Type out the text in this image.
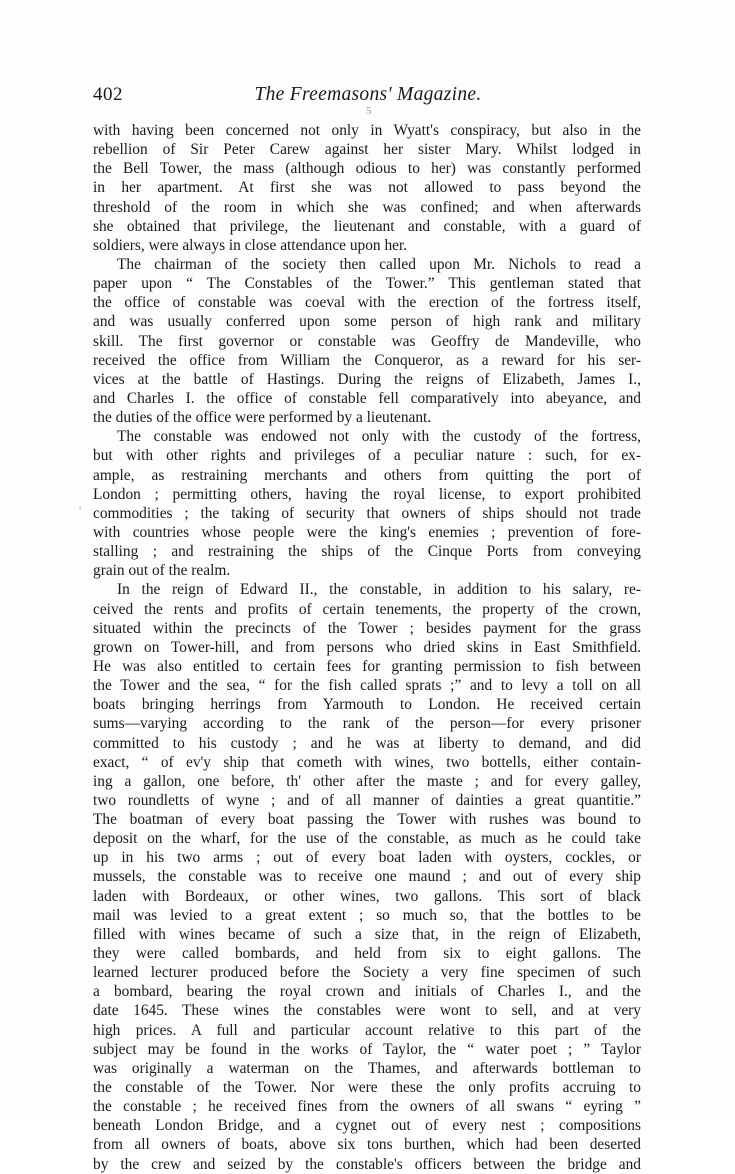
402	The Freemasons' Magazine.
5
'
with having been concerned not only in Wyatt's conspiracy, but also in the
rebellion of Sir Peter Carew against her sister Mary. Whilst lodged in
the Bell Tower, the mass (although odious to her) was constantly performed
in her apartment. At first she was not allowed to pass beyond the
threshold of the room in which she was confined; and when afterwards
she obtained that privilege, the lieutenant and constable, with a guard of
soldiers, were always in close attendance upon her.
The chairman of the society then called upon Mr. Nichols to read a
paper upon “ The Constables of the Tower.” This gentleman stated that
the office of constable was coeval with the erection of the fortress itself,
and was usually conferred upon some person of high rank and military
skill. The first governor or constable was Geoffry de Mandeville, who
received the office from William the Conqueror, as a reward for his ser-
vices at the battle of Hastings. During the reigns of Elizabeth, James I.,
and Charles I. the office of constable fell comparatively into abeyance, and
the duties of the office were performed by a lieutenant.
The constable was endowed not only with the custody of the fortress,
but with other rights and privileges of a peculiar nature : such, for ex-
ample, as restraining merchants and others from quitting the port of
London ; permitting others, having the royal license, to export prohibited
commodities ; the taking of security that owners of ships should not trade
with countries whose people were the king's enemies ; prevention of fore-
stalling ; and restraining the ships of the Cinque Ports from conveying
grain out of the realm.
In the reign of Edward II., the constable, in addition to his salary, re-
ceived the rents and profits of certain tenements, the property of the crown,
situated within the precincts of the Tower ; besides payment for the grass
grown on Tower-hill, and from persons who dried skins in East Smithfield.
He was also entitled to certain fees for granting permission to fish between
the Tower and the sea, “ for the fish called sprats ;” and to levy a toll on all
boats bringing herrings from Yarmouth to London. He received certain
sums—varying according to the rank of the person—for every prisoner
committed to his custody ; and he was at liberty to demand, and did
exact, “ of ev'y ship that cometh with wines, two bottells, either contain-
ing a gallon, one before, th' other after the maste ; and for every galley,
two roundletts of wyne ; and of all manner of dainties a great quantitie.”
The boatman of every boat passing the Tower with rushes was bound to
deposit on the wharf, for the use of the constable, as much as he could take
up in his two arms ; out of every boat laden with oysters, cockles, or
mussels, the constable was to receive one maund ; and out of every ship
laden with Bordeaux, or other wines, two gallons. This sort of black
mail was levied to a great extent ; so much so, that the bottles to be
filled with wines became of such a size that, in the reign of Elizabeth,
they were called bombards, and held from six to eight gallons. The
learned lecturer produced before the Society a very fine specimen of such
a bombard, bearing the royal crown and initials of Charles I., and the
date 1645. These wines the constables were wont to sell, and at very
high prices. A full and particular account relative to this part of the
subject may be found in the works of Taylor, the “ water poet ; ” Taylor
was originally a waterman on the Thames, and afterwards bottleman to
the constable of the Tower. Nor were these the only profits accruing to
the constable ; he received fines from the owners of all swans “ eyring ”
beneath London Bridge, and a cygnet out of every nest ; compositions
from all owners of boats, above six tons burthen, which had been deserted
by the crew and seized by the constable's officers between the bridge and
